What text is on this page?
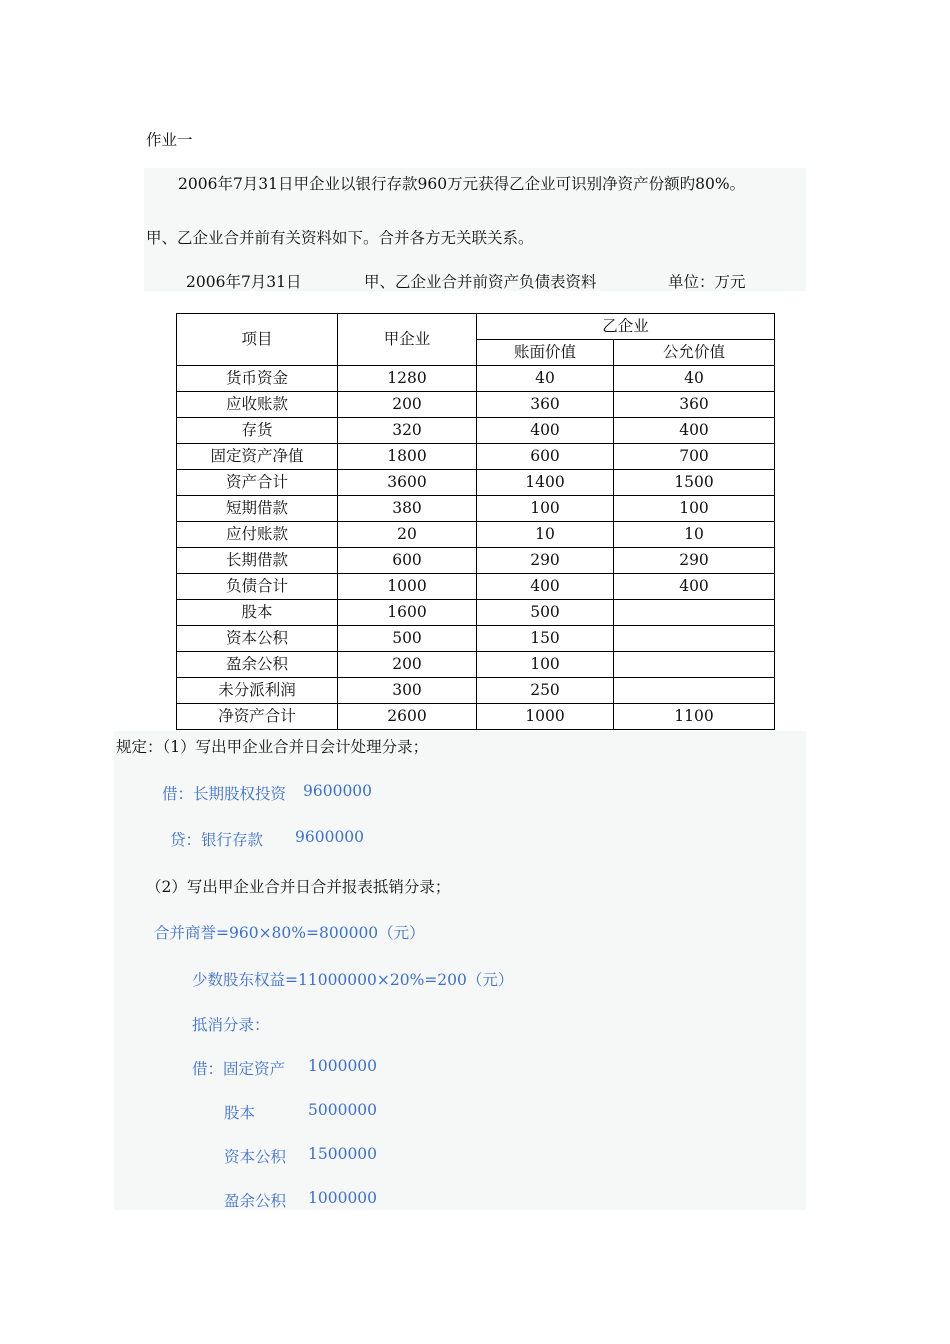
作业一
2006年7月31日甲企业以银行存款960万元获得乙企业可识别净资产份额旳80%。
甲、乙企业合并前有关资料如下。合并各方无关联关系。
2006年7月31日	甲、乙企业合并前资产负债表资料	单位：万元
项目	甲企业	乙企业	
		账面价值	公允价值
货币资金	1280	40	40
应收账款	200	360	360
存货	320	400	400
固定资产净值	1800	600	700
资产合计	3600	1400	1500
短期借款	380	100	100
应付账款	20	10	10
长期借款	600	290	290
负债合计	1000	400	400
股本	1600	500	
资本公积	500	150	
盈余公积	200	100	
未分派利润	300	250	
净资产合计	2600	1000	1100
规定：（1）写出甲企业合并日会计处理分录；
借：长期股权投资 9600000
贷：银行存款 9600000
（2）写出甲企业合并日合并报表抵销分录；
合并商誉=960×80%=800000（元）
少数股东权益=11000000×20%=200（元）
抵消分录：
借：固定资产 1000000
股本	5000000
资本公积 1500000
盈余公积 1000000
